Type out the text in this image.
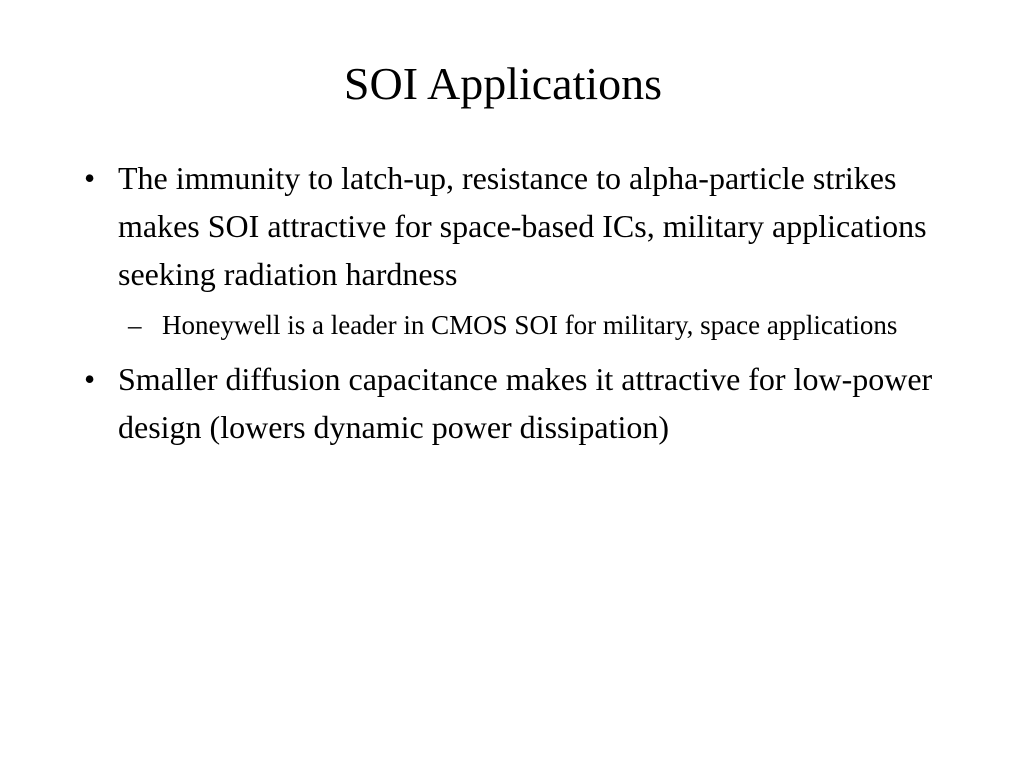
SOI Applications

• The immunity to latch-up, resistance to alpha-particle strikes makes SOI attractive for space-based ICs, military applications seeking radiation hardness

– Honeywell is a leader in CMOS SOI for military, space applications

• Smaller diffusion capacitance makes it attractive for low-power design (lowers dynamic power dissipation)
